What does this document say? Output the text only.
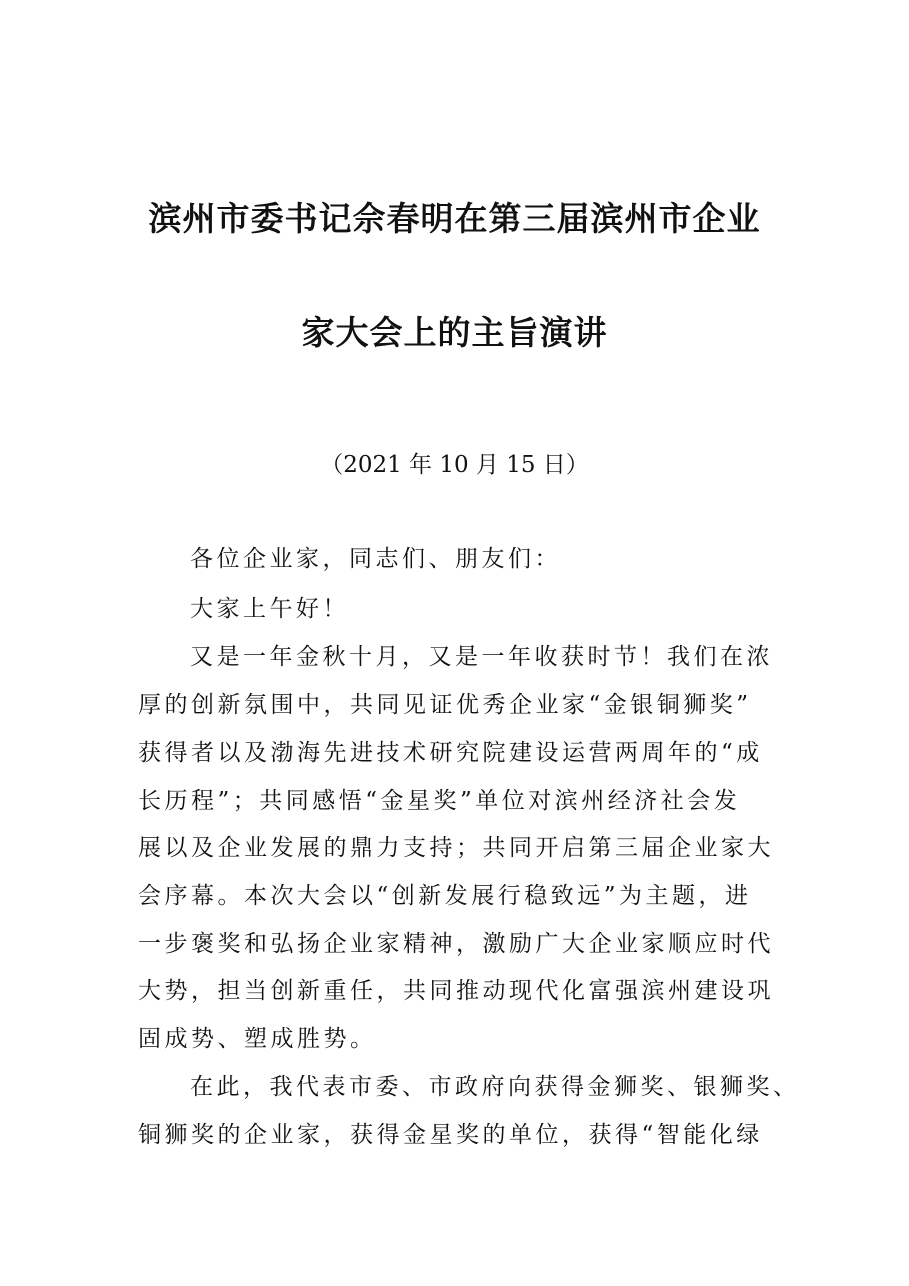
滨州市委书记佘春明在第三届滨州市企业
家大会上的主旨演讲
（2021 年 10 月 15 日）
各位企业家，同志们、朋友们：
大家上午好！
又是一年金秋十月，又是一年收获时节！我们在浓
厚的创新氛围中，共同见证优秀企业家“金银铜狮奖”
获得者以及渤海先进技术研究院建设运营两周年的“成
长历程”；共同感悟“金星奖”单位对滨州经济社会发
展以及企业发展的鼎力支持；共同开启第三届企业家大
会序幕。本次大会以“创新发展行稳致远”为主题，进
一步褒奖和弘扬企业家精神，激励广大企业家顺应时代
大势，担当创新重任，共同推动现代化富强滨州建设巩
固成势、塑成胜势。
在此，我代表市委、市政府向获得金狮奖、银狮奖、
铜狮奖的企业家，获得金星奖的单位，获得“智能化绿
